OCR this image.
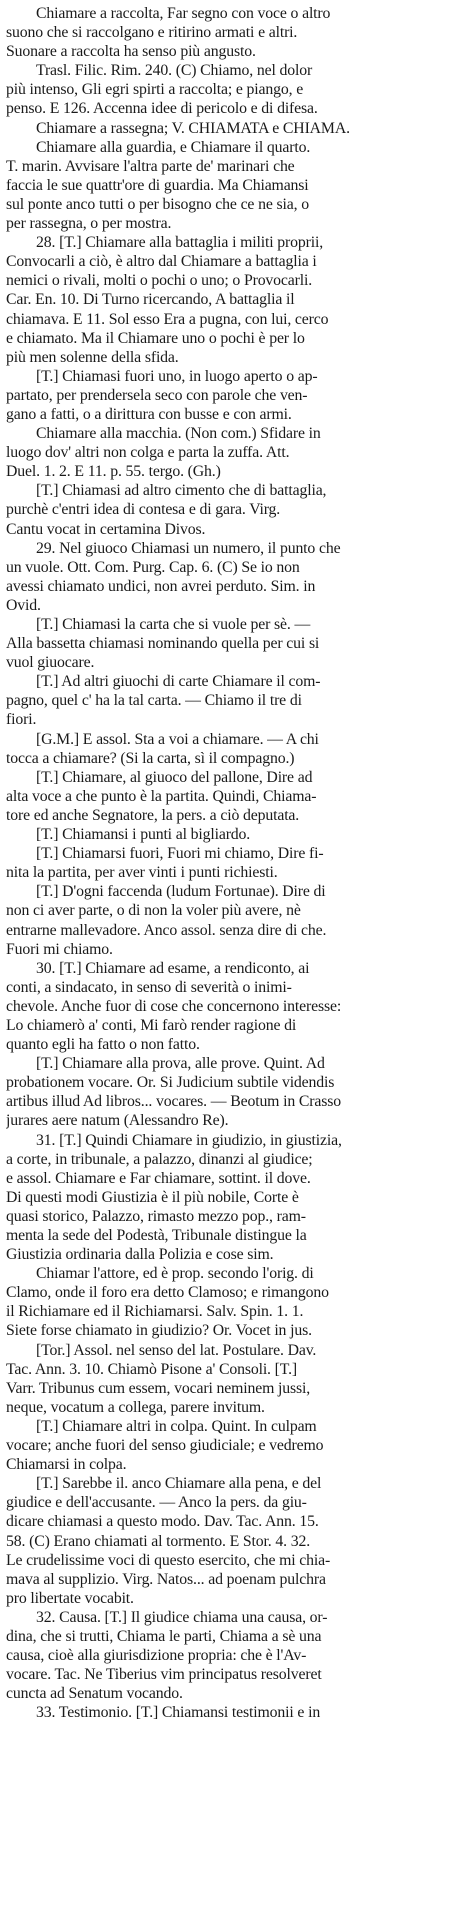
Chiamare a raccolta, Far segno con voce o altro
suono che si raccolgano e ritirino armati e altri.
Suonare a raccolta ha senso più angusto.
Trasl. Filic. Rim. 240. (C) Chiamo, nel dolor
più intenso, Gli egri spirti a raccolta; e piango, e
penso. E 126. Accenna idee di pericolo e di difesa.
Chiamare a rassegna; V. CHIAMATA e CHIAMA.
Chiamare alla guardia, e Chiamare il quarto.
T. marin. Avvisare l'altra parte de' marinari che
faccia le sue quattr'ore di guardia. Ma Chiamansi
sul ponte anco tutti o per bisogno che ce ne sia, o
per rassegna, o per mostra.
28. [T.] Chiamare alla battaglia i militi proprii,
Convocarli a ciò, è altro dal Chiamare a battaglia i
nemici o rivali, molti o pochi o uno; o Provocarli.
Car. En. 10. Di Turno ricercando, A battaglia il
chiamava. E 11. Sol esso Era a pugna, con lui, cerco
e chiamato. Ma il Chiamare uno o pochi è per lo
più men solenne della sfida.
[T.] Chiamasi fuori uno, in luogo aperto o ap-
partato, per prendersela seco con parole che ven-
gano a fatti, o a dirittura con busse e con armi.
Chiamare alla macchia. (Non com.) Sfidare in
luogo dov' altri non colga e parta la zuffa. Att.
Duel. 1. 2. E 11. p. 55. tergo. (Gh.)
[T.] Chiamasi ad altro cimento che di battaglia,
purchè c'entri idea di contesa e di gara. Virg.
Cantu vocat in certamina Divos.
29. Nel giuoco Chiamasi un numero, il punto che
un vuole. Ott. Com. Purg. Cap. 6. (C) Se io non
avessi chiamato undici, non avrei perduto. Sim. in
Ovid.
[T.] Chiamasi la carta che si vuole per sè. —
Alla bassetta chiamasi nominando quella per cui si
vuol giuocare.
[T.] Ad altri giuochi di carte Chiamare il com-
pagno, quel c' ha la tal carta. — Chiamo il tre di
fiori.
[G.M.] E assol. Sta a voi a chiamare. — A chi
tocca a chiamare? (Si la carta, sì il compagno.)
[T.] Chiamare, al giuoco del pallone, Dire ad
alta voce a che punto è la partita. Quindi, Chiama-
tore ed anche Segnatore, la pers. a ciò deputata.
[T.] Chiamansi i punti al bigliardo.
[T.] Chiamarsi fuori, Fuori mi chiamo, Dire fi-
nita la partita, per aver vinti i punti richiesti.
[T.] D'ogni faccenda (ludum Fortunae). Dire di
non ci aver parte, o di non la voler più avere, nè
entrarne mallevadore. Anco assol. senza dire di che.
Fuori mi chiamo.
30. [T.] Chiamare ad esame, a rendiconto, ai
conti, a sindacato, in senso di severità o inimi-
chevole. Anche fuor di cose che concernono interesse:
Lo chiamerò a' conti, Mi farò render ragione di
quanto egli ha fatto o non fatto.
[T.] Chiamare alla prova, alle prove. Quint. Ad
probationem vocare. Or. Si Judicium subtile videndis
artibus illud Ad libros... vocares. — Beotum in Crasso
jurares aere natum (Alessandro Re).
31. [T.] Quindi Chiamare in giudizio, in giustizia,
a corte, in tribunale, a palazzo, dinanzi al giudice;
e assol. Chiamare e Far chiamare, sottint. il dove.
Di questi modi Giustizia è il più nobile, Corte è
quasi storico, Palazzo, rimasto mezzo pop., ram-
menta la sede del Podestà, Tribunale distingue la
Giustizia ordinaria dalla Polizia e cose sim.
Chiamar l'attore, ed è prop. secondo l'orig. di
Clamo, onde il foro era detto Clamoso; e rimangono
il Richiamare ed il Richiamarsi. Salv. Spin. 1. 1.
Siete forse chiamato in giudizio? Or. Vocet in jus.
[Tor.] Assol. nel senso del lat. Postulare. Dav.
Tac. Ann. 3. 10. Chiamò Pisone a' Consoli. [T.]
Varr. Tribunus cum essem, vocari neminem jussi,
neque, vocatum a collega, parere invitum.
[T.] Chiamare altri in colpa. Quint. In culpam
vocare; anche fuori del senso giudiciale; e vedremo
Chiamarsi in colpa.
[T.] Sarebbe il. anco Chiamare alla pena, e del
giudice e dell'accusante. — Anco la pers. da giu-
dicare chiamasi a questo modo. Dav. Tac. Ann. 15.
58. (C) Erano chiamati al tormento. E Stor. 4. 32.
Le crudelissime voci di questo esercito, che mi chia-
mava al supplizio. Virg. Natos... ad poenam pulchra
pro libertate vocabit.
32. Causa. [T.] Il giudice chiama una causa, or-
dina, che si trutti, Chiama le parti, Chiama a sè una
causa, cioè alla giurisdizione propria: che è l'Av-
vocare. Tac. Ne Tiberius vim principatus resolveret
cuncta ad Senatum vocando.
33. Testimonio. [T.] Chiamansi testimonii e in
